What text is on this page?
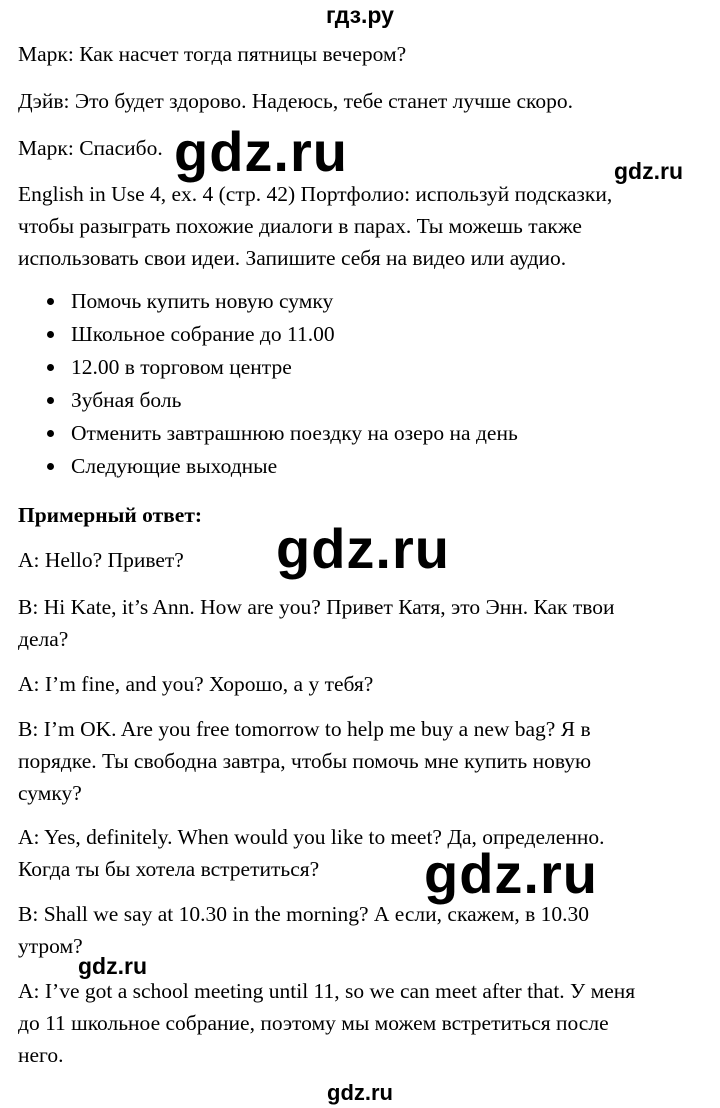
гдз.ру

Марк: Как насчет тогда пятницы вечером?

Дэйв: Это будет здорово. Надеюсь, тебе станет лучше скоро.

Марк: Спасибо.

English in Use 4, ex. 4 (стр. 42) Портфолио: используй подсказки,

чтобы разыграть похожие диалоги в парах. Ты можешь также

использовать свои идеи. Запишите себя на видео или аудио.

Помочь купить новую сумку
Школьное собрание до 11.00
12.00 в торговом центре
Зубная боль
Отменить завтрашнюю поездку на озеро на день
Следующие выходные

Примерный ответ:

A: Hello? Привет?

B: Hi Kate, it’s Ann. How are you? Привет Катя, это Энн. Как твои

дела?

A: I’m fine, and you? Хорошо, а у тебя?

B: I’m OK. Are you free tomorrow to help me buy a new bag? Я в

порядке. Ты свободна завтра, чтобы помочь мне купить новую

сумку?

A: Yes, definitely. When would you like to meet? Да, определенно.

Когда ты бы хотела встретиться?

B: Shall we say at 10.30 in the morning? А если, скажем, в 10.30

утром?

A: I’ve got a school meeting until 11, so we can meet after that. У меня

до 11 школьное собрание, поэтому мы можем встретиться после

него.

gdz.ru	gdz.ru
gdz.ru
gdz.ru
gdz.ru
gdz.ru
